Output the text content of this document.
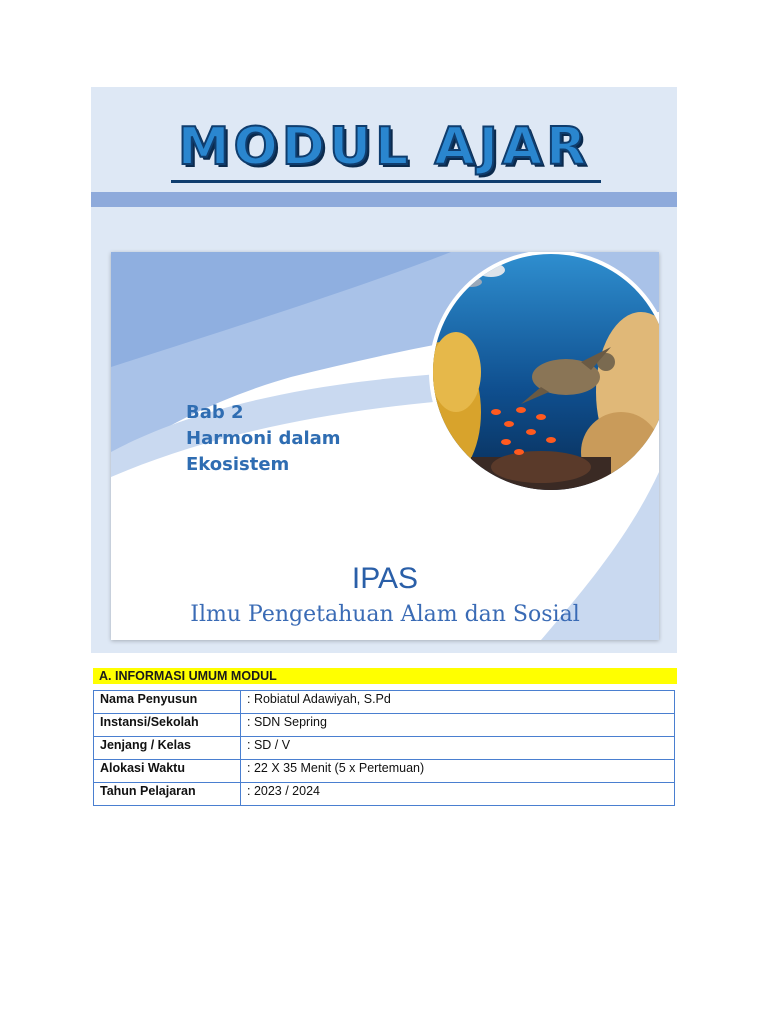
MODUL AJAR
Bab 2
Harmoni dalam
Ekosistem
IPAS
Ilmu Pengetahuan Alam dan Sosial
A. INFORMASI UMUM MODUL
Nama Penyusun	: Robiatul Adawiyah, S.Pd
Instansi/Sekolah	: SDN Sepring
Jenjang / Kelas	: SD / V
Alokasi Waktu	: 22 X 35 Menit (5 x Pertemuan)
Tahun Pelajaran	: 2023 / 2024
